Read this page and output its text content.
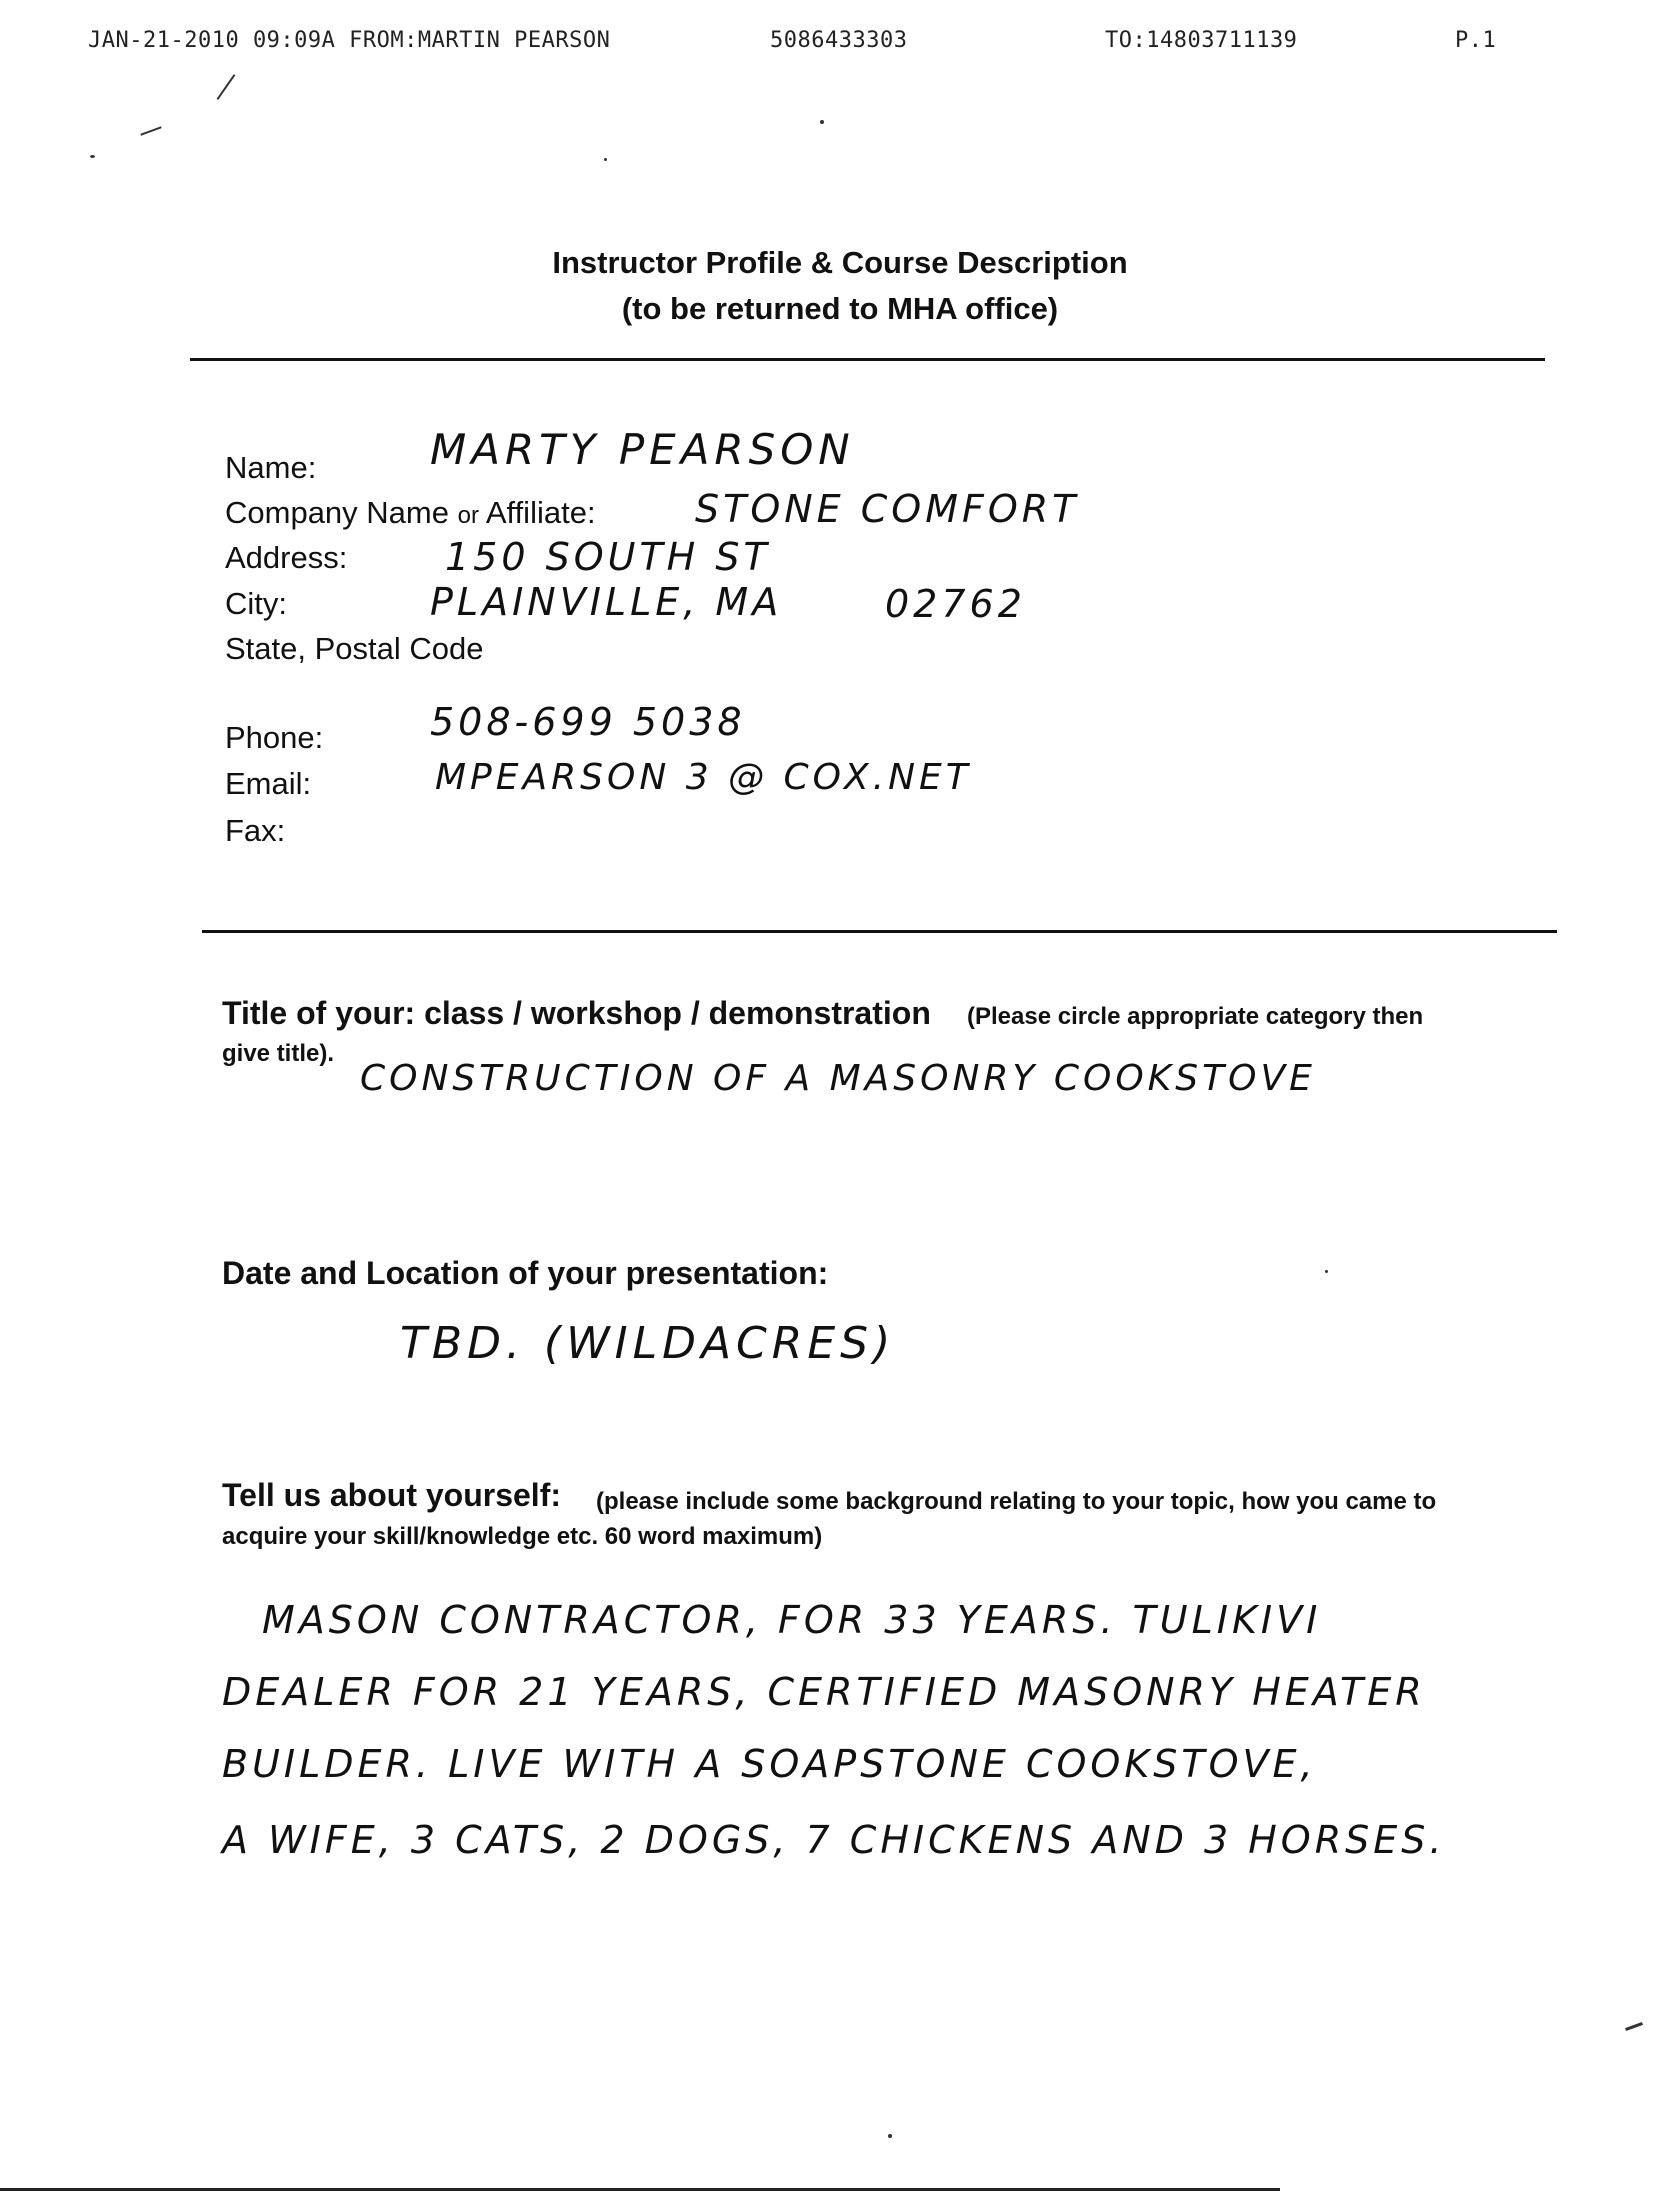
JAN-21-2010 09:09A FROM:MARTIN PEARSON	5086433303	TO:14803711139	P.1
Instructor Profile & Course Description
(to be returned to MHA office)
Name:	MARTY PEARSON
Company Name or Affiliate:	STONE COMFORT
Address:	150 SOUTH ST
City:	PLAINVILLE, MA	02762
State, Postal Code
Phone:	508-699 5038
Email:	MPEARSON 3 @ COX.NET
Fax:
Title of your: class / workshop / demonstration (Please circle appropriate category then
give title).
CONSTRUCTION OF A MASONRY COOKSTOVE
Date and Location of your presentation:
TBD. (WILDACRES)
Tell us about yourself: (please include some background relating to your topic, how you came to
acquire your skill/knowledge etc. 60 word maximum)
MASON CONTRACTOR, FOR 33 YEARS. TULIKIVI
DEALER FOR 21 YEARS, CERTIFIED MASONRY HEATER
BUILDER. LIVE WITH A SOAPSTONE COOKSTOVE,
A WIFE, 3 CATS, 2 DOGS, 7 CHICKENS AND 3 HORSES.
